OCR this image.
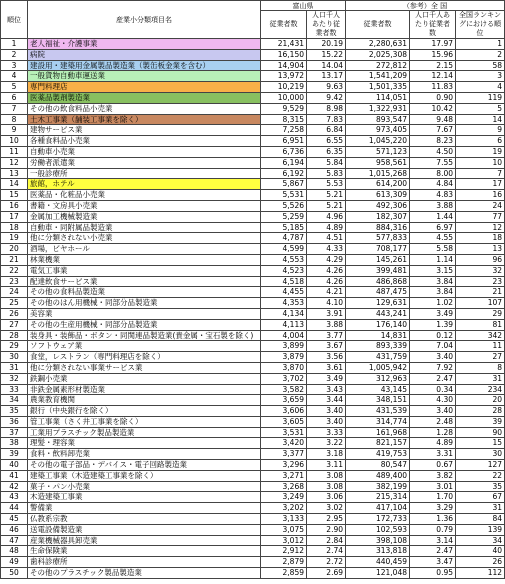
順位	産業小分類項目名	富山県		（参考）全 国		
		従業者数	人口千人あたり従業者数	従業者数	人口千人あたり従業者数	全国ランキングにおける順位
1	老人福祉・介護事業	21,431	20.19	2,280,631	17.97	1
2	病院	16,150	15.22	2,025,308	15.96	2
3	建設用・建築用金属製品製造業（製缶板金業を含む）	14,904	14.04	272,812	2.15	58
4	一般貨物自動車運送業	13,972	13.17	1,541,209	12.14	3
5	専門料理店	10,219	9.63	1,501,335	11.83	4
6	医薬品製剤製造業	10,000	9.42	114,051	0.90	119
7	その他の飲食料品小売業	9,529	8.98	1,322,931	10.42	5
8	土木工事業（舗装工事業を除く）	8,315	7.83	893,547	9.48	14
9	建物サービス業	7,258	6.84	973,405	7.67	9
10	各種食料品小売業	6,951	6.55	1,045,220	8.23	6
11	自動車小売業	6,736	6.35	571,123	4.50	19
12	労働者派遣業	6,194	5.84	958,561	7.55	10
13	一般診療所	6,192	5.83	1,015,268	8.00	7
14	旅館，ホテル	5,867	5.53	614,200	4.84	17
15	医薬品・化粧品小売業	5,531	5.21	613,309	4.83	16
16	書籍・文房具小売業	5,526	5.21	492,306	3.88	24
17	金属加工機械製造業	5,259	4.96	182,307	1.44	77
18	自動車・同附属品製造業	5,185	4.89	884,316	6.97	12
19	他に分類されない小売業	4,787	4.51	577,833	4.55	18
20	酒場，ビヤホール	4,599	4.33	708,177	5.58	13
21	林業機業	4,553	4.29	145,261	1.14	96
22	電気工事業	4,523	4.26	399,481	3.15	32
23	配達飲食サービス業	4,518	4.26	486,868	3.84	23
24	その他の食料品製造業	4,455	4.21	487,475	3.84	21
25	その他のはん用機械・同部分品製造業	4,353	4.10	129,631	1.02	107
26	美容業	4,134	3.91	443,241	3.49	29
27	その他の生産用機械・同部分品製造業	4,113	3.88	176,140	1.39	81
28	装身具・装飾品・ボタン・同関連品製造業(貴金属・宝石製を除く)	4,004	3.77	14,831	0.12	342
29	ソフトウェア業	3,899	3.67	893,339	7.04	11
30	食堂，レストラン（専門料理店を除く）	3,879	3.56	431,759	3.40	27
31	他に分類されない事業サービス業	3,870	3.61	1,005,942	7.92	8
32	鉄鋼小売業	3,702	3.49	312,963	2.47	31
33	非鉄金属素形材製造業	3,582	3.43	43,145	0.34	234
34	農業教育機関	3,659	3.44	348,151	4.30	20
35	銀行（中央銀行を除く）	3,606	3.40	431,539	3.40	28
36	管工事業（さく井工事業を除く）	3,605	3.40	314,774	2.48	39
37	工業用プラスチック製品製造業	3,531	3.33	161,968	1.28	90
38	理髪・理容業	3,420	3.22	821,157	4.89	15
39	食料・飲料卸売業	3,377	3.18	419,753	3.31	30
40	その他の電子部品・デバイス・電子回路製造業	3,296	3.11	80,547	0.67	127
41	建築工事業（木造建築工事業を除く）	3,271	3.08	489,400	3.82	22
42	菓子・パン小売業	3,268	3.08	382,199	3.01	35
43	木造建築工事業	3,249	3.06	215,314	1.70	67
44	警備業	3,202	3.02	417,104	3.29	31
45	仏教系宗教	3,133	2.95	172,733	1.36	84
46	送電設備製造業	3,075	2.90	102,593	0.79	139
47	産業機械器具卸売業	3,012	2.84	398,108	3.14	34
48	生命保険業	2,912	2.74	313,818	2.47	40
49	歯科診療所	2,879	2.72	440,459	3.47	26
50	その他のプラスチック製品製造業	2,859	2.69	121,048	0.95	112
